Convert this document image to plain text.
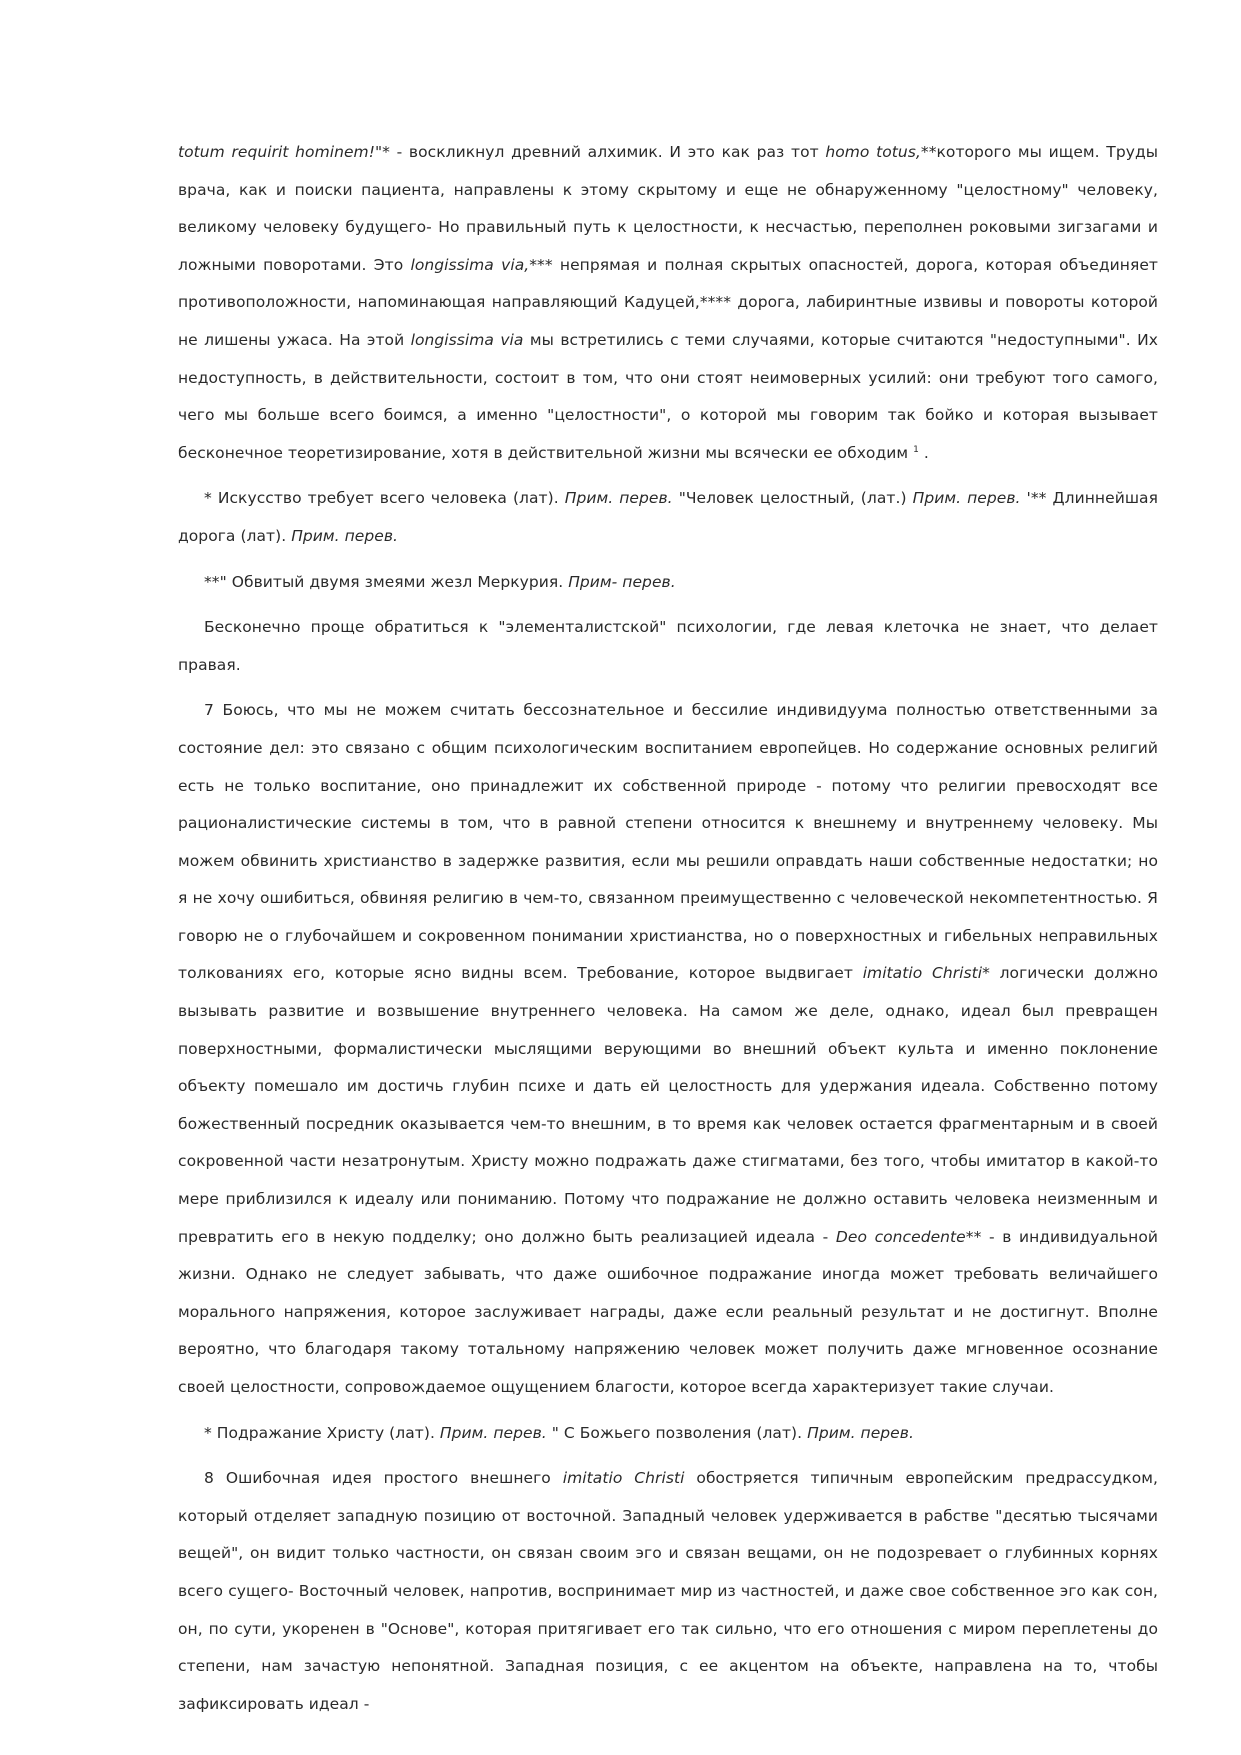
totum requirit hominem!"* - воскликнул древний алхимик. И это как раз тот homo totus,**которого мы ищем. Труды врача, как и поиски пациента, направлены к этому скрытому и еще не обнаруженному "целостному" человеку, великому человеку будущего- Но правильный путь к целостности, к несчастью, переполнен роковыми зигзагами и ложными поворотами. Это longissima via,*** непрямая и полная скрытых опасностей, дорога, которая объединяет противоположности, напоминающая направляющий Кадуцей,**** дорога, лабиринтные извивы и повороты которой не лишены ужаса. На этой longissima via мы встретились с теми случаями, которые считаются "недоступными". Их недоступность, в действительности, состоит в том, что они стоят неимоверных усилий: они требуют того самого, чего мы больше всего боимся, а именно "целостности", о которой мы говорим так бойко и которая вызывает бесконечное теоретизирование, хотя в действительной жизни мы всячески ее обходим $^1$ .

* Искусство требует всего человека (лат). Прим. перев. "Человек целостный, (лат.) Прим. перев. '** Длиннейшая дорога (лат). Прим. перев.

**" Обвитый двумя змеями жезл Меркурия. Прим- перев.

Бесконечно проще обратиться к "элементалистской" психологии, где левая клеточка не знает, что делает правая.

7 Боюсь, что мы не можем считать бессознательное и бессилие индивидуума полностью ответственными за состояние дел: это связано с общим психологическим воспитанием европейцев. Но содержание основных религий есть не только воспитание, оно принадлежит их собственной природе - потому что религии превосходят все рационалистические системы в том, что в равной степени относится к внешнему и внутреннему человеку. Мы можем обвинить христианство в задержке развития, если мы решили оправдать наши собственные недостатки; но я не хочу ошибиться, обвиняя религию в чем-то, связанном преимущественно с человеческой некомпетентностью. Я говорю не о глубочайшем и сокровенном понимании христианства, но о поверхностных и гибельных неправильных толкованиях его, которые ясно видны всем. Требование, которое выдвигает imitatio Christi* логически должно вызывать развитие и возвышение внутреннего человека. На самом же деле, однако, идеал был превращен поверхностными, формалистически мыслящими верующими во внешний объект культа и именно поклонение объекту помешало им достичь глубин психе и дать ей целостность для удержания идеала. Собственно потому божественный посредник оказывается чем-то внешним, в то время как человек остается фрагментарным и в своей сокровенной части незатронутым. Христу можно подражать даже стигматами, без того, чтобы имитатор в какой-то мере приблизился к идеалу или пониманию. Потому что подражание не должно оставить человека неизменным и превратить его в некую подделку; оно должно быть реализацией идеала - Deo concedente** - в индивидуальной жизни. Однако не следует забывать, что даже ошибочное подражание иногда может требовать величайшего морального напряжения, которое заслуживает награды, даже если реальный результат и не достигнут. Вполне вероятно, что благодаря такому тотальному напряжению человек может получить даже мгновенное осознание своей целостности, сопровождаемое ощущением благости, которое всегда характеризует такие случаи.

* Подражание Христу (лат). Прим. перев. " С Божьего позволения (лат). Прим. перев.

8 Ошибочная идея простого внешнего imitatio Christi обостряется типичным европейским предрассудком, который отделяет западную позицию от восточной. Западный человек удерживается в рабстве "десятью тысячами вещей", он видит только частности, он связан своим эго и связан вещами, он не подозревает о глубинных корнях всего сущего- Восточный человек, напротив, воспринимает мир из частностей, и даже свое собственное эго как сон, он, по сути, укоренен в "Основе", которая притягивает его так сильно, что его отношения с миром переплетены до степени, нам зачастую непонятной. Западная позиция, с ее акцентом на объекте, направлена на то, чтобы зафиксировать идеал -
